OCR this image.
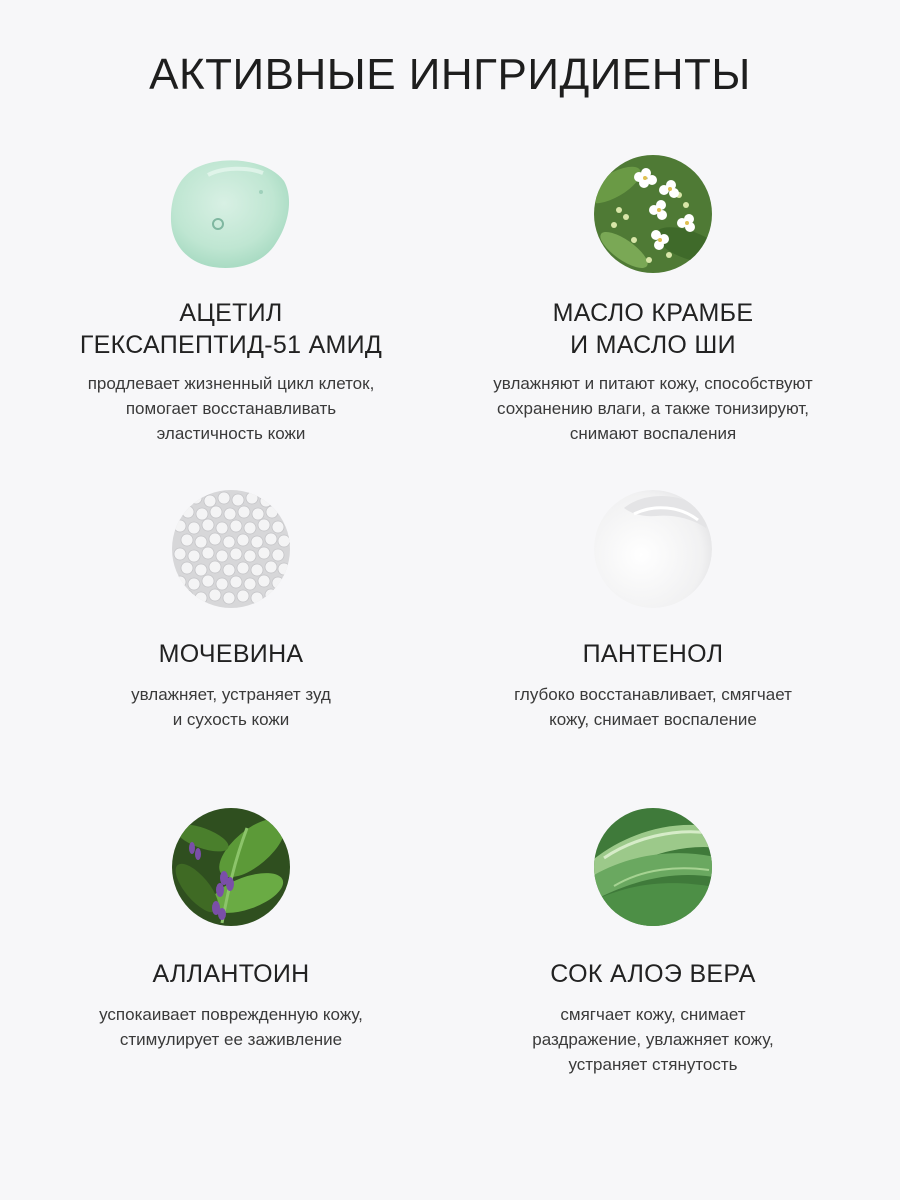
АКТИВНЫЕ ИНГРИДИЕНТЫ

АЦЕТИЛ
ГЕКСАПЕПТИД-51 АМИД

продлевает жизненный цикл клеток,
помогает восстанавливать
эластичность кожи

МАСЛО КРАМБЕ
И МАСЛО ШИ

увлажняют и питают кожу, способствуют
сохранению влаги, а также тонизируют,
снимают воспаления

МОЧЕВИНА

увлажняет, устраняет зуд
и сухость кожи

ПАНТЕНОЛ

глубоко восстанавливает, смягчает
кожу, снимает воспаление

АЛЛАНТОИН

успокаивает поврежденную кожу,
стимулирует ее заживление

СОК АЛОЭ ВЕРА

смягчает кожу, снимает
раздражение, увлажняет кожу,
устраняет стянутость
